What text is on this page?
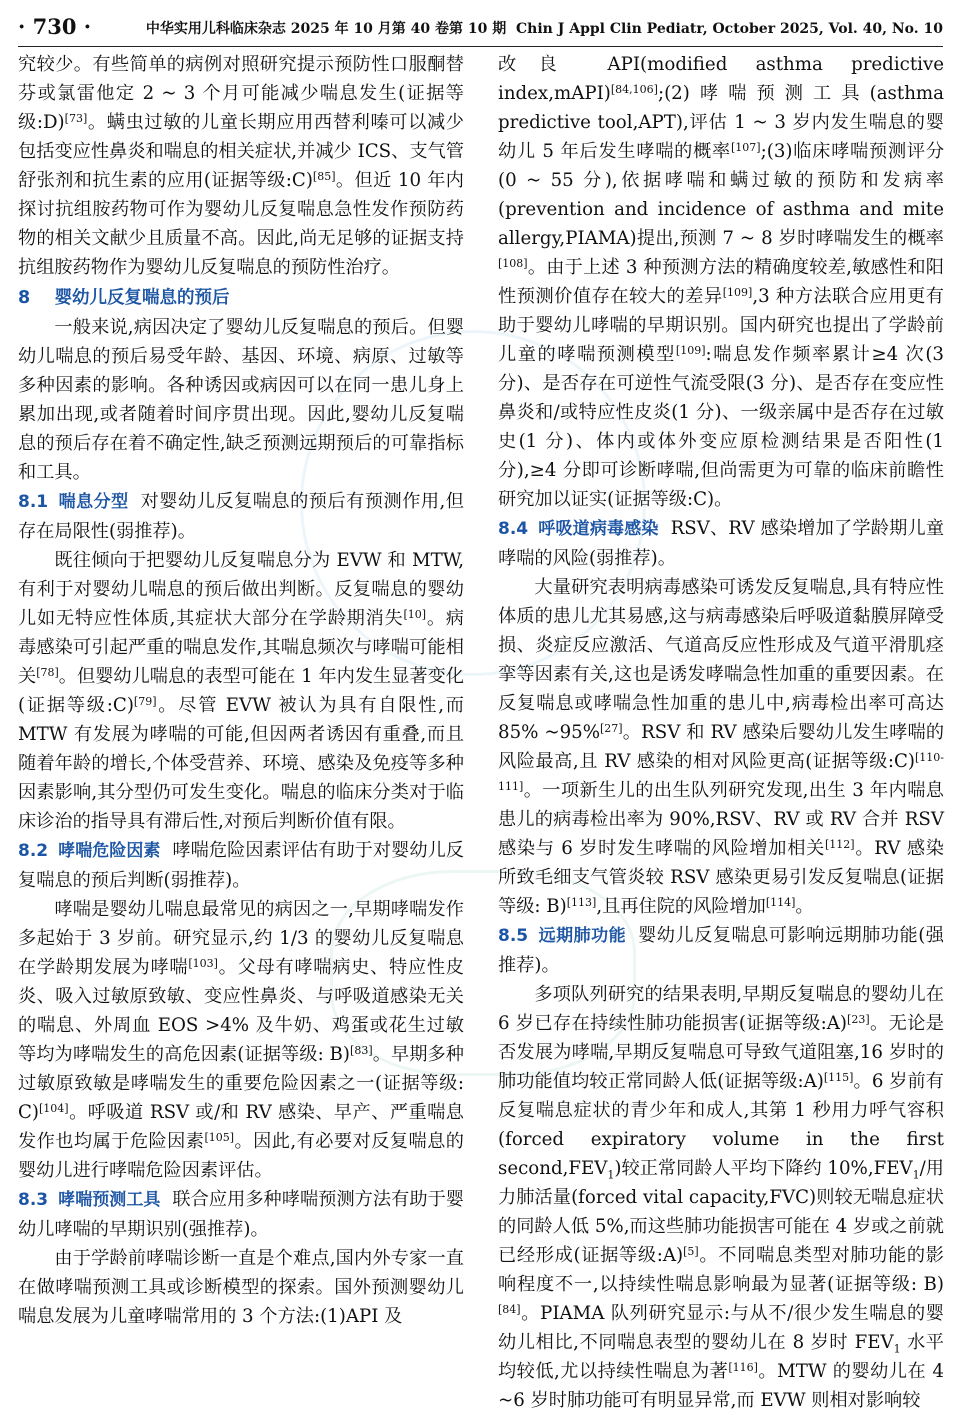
· 730 ·	中华实用儿科临床杂志 2025 年 10 月第 40 卷第 10 期 Chin J Appl Clin Pediatr, October 2025, Vol. 40, No. 10

究较少。有些简单的病例对照研究提示预防性口服酮替芬或氯雷他定 2 ~ 3 个月可能减少喘息发生(证据等级:D)[73]。螨虫过敏的儿童长期应用西替利嗪可以减少包括变应性鼻炎和喘息的相关症状,并减少 ICS、支气管舒张剂和抗生素的应用(证据等级:C)[85]。但近 10 年内探讨抗组胺药物可作为婴幼儿反复喘息急性发作预防药物的相关文献少且质量不高。因此,尚无足够的证据支持抗组胺药物作为婴幼儿反复喘息的预防性治疗。

8 婴幼儿反复喘息的预后

一般来说,病因决定了婴幼儿反复喘息的预后。但婴幼儿喘息的预后易受年龄、基因、环境、病原、过敏等多种因素的影响。各种诱因或病因可以在同一患儿身上累加出现,或者随着时间序贯出现。因此,婴幼儿反复喘息的预后存在着不确定性,缺乏预测远期预后的可靠指标和工具。

8.1 喘息分型 对婴幼儿反复喘息的预后有预测作用,但存在局限性(弱推荐)。

既往倾向于把婴幼儿反复喘息分为 EVW 和 MTW,有利于对婴幼儿喘息的预后做出判断。反复喘息的婴幼儿如无特应性体质,其症状大部分在学龄期消失[10]。病毒感染可引起严重的喘息发作,其喘息频次与哮喘可能相关[78]。但婴幼儿喘息的表型可能在 1 年内发生显著变化(证据等级:C)[79]。尽管 EVW 被认为具有自限性,而 MTW 有发展为哮喘的可能,但因两者诱因有重叠,而且随着年龄的增长,个体受营养、环境、感染及免疫等多种因素影响,其分型仍可发生变化。喘息的临床分类对于临床诊治的指导具有滞后性,对预后判断价值有限。

8.2 哮喘危险因素 哮喘危险因素评估有助于对婴幼儿反复喘息的预后判断(弱推荐)。

哮喘是婴幼儿喘息最常见的病因之一,早期哮喘发作多起始于 3 岁前。研究显示,约 1/3 的婴幼儿反复喘息在学龄期发展为哮喘[103]。父母有哮喘病史、特应性皮炎、吸入过敏原致敏、变应性鼻炎、与呼吸道感染无关的喘息、外周血 EOS >4% 及牛奶、鸡蛋或花生过敏等均为哮喘发生的高危因素(证据等级: B)[83]。早期多种过敏原致敏是哮喘发生的重要危险因素之一(证据等级: C)[104]。呼吸道 RSV 或/和 RV 感染、早产、严重喘息发作也均属于危险因素[105]。因此,有必要对反复喘息的婴幼儿进行哮喘危险因素评估。

8.3 哮喘预测工具 联合应用多种哮喘预测方法有助于婴幼儿哮喘的早期识别(强推荐)。

由于学龄前哮喘诊断一直是个难点,国内外专家一直在做哮喘预测工具或诊断模型的探索。国外预测婴幼儿喘息发展为儿童哮喘常用的 3 个方法:(1)API 及

改良 API(modified asthma predictive index,mAPI)[84,106];(2)哮喘预测工具(asthma predictive tool,APT),评估 1 ~ 3 岁内发生喘息的婴幼儿 5 年后发生哮喘的概率[107];(3)临床哮喘预测评分(0 ~ 55 分),依据哮喘和螨过敏的预防和发病率(prevention and incidence of asthma and mite allergy,PIAMA)提出,预测 7 ~ 8 岁时哮喘发生的概率[108]。由于上述 3 种预测方法的精确度较差,敏感性和阳性预测价值存在较大的差异[109],3 种方法联合应用更有助于婴幼儿哮喘的早期识别。国内研究也提出了学龄前儿童的哮喘预测模型[109]:喘息发作频率累计≥4 次(3 分)、是否存在可逆性气流受限(3 分)、是否存在变应性鼻炎和/或特应性皮炎(1 分)、一级亲属中是否存在过敏史(1 分)、体内或体外变应原检测结果是否阳性(1 分),≥4 分即可诊断哮喘,但尚需更为可靠的临床前瞻性研究加以证实(证据等级:C)。

8.4 呼吸道病毒感染 RSV、RV 感染增加了学龄期儿童哮喘的风险(弱推荐)。

大量研究表明病毒感染可诱发反复喘息,具有特应性体质的患儿尤其易感,这与病毒感染后呼吸道黏膜屏障受损、炎症反应激活、气道高反应性形成及气道平滑肌痉挛等因素有关,这也是诱发哮喘急性加重的重要因素。在反复喘息或哮喘急性加重的患儿中,病毒检出率可高达 85% ~95%[27]。RSV 和 RV 感染后婴幼儿发生哮喘的风险最高,且 RV 感染的相对风险更高(证据等级:C)[110-111]。一项新生儿的出生队列研究发现,出生 3 年内喘息患儿的病毒检出率为 90%,RSV、RV 或 RV 合并 RSV 感染与 6 岁时发生哮喘的风险增加相关[112]。RV 感染所致毛细支气管炎较 RSV 感染更易引发反复喘息(证据等级: B)[113],且再住院的风险增加[114]。

8.5 远期肺功能 婴幼儿反复喘息可影响远期肺功能(强推荐)。

多项队列研究的结果表明,早期反复喘息的婴幼儿在 6 岁已存在持续性肺功能损害(证据等级:A)[23]。无论是否发展为哮喘,早期反复喘息可导致气道阻塞,16 岁时的肺功能值均较正常同龄人低(证据等级:A)[115]。6 岁前有反复喘息症状的青少年和成人,其第 1 秒用力呼气容积(forced expiratory volume in the first $second,FEV_1$)较正常同龄人平均下降约 $10\%,FEV_1/$用力肺活量(forced vital capacity,FVC)则较无喘息症状的同龄人低 5%,而这些肺功能损害可能在 4 岁或之前就已经形成(证据等级:A)[5]。不同喘息类型对肺功能的影响程度不一,以持续性喘息影响最为显著(证据等级: B)[84]。PIAMA 队列研究显示:与从不/很少发生喘息的婴幼儿相比,不同喘息表型的婴幼儿在 8 岁时 $FEV_1$ 水平均较低,尤以持续性喘息为著[116]。MTW 的婴幼儿在 4 ~6 岁时肺功能可有明显异常,而 EVW 则相对影响较
